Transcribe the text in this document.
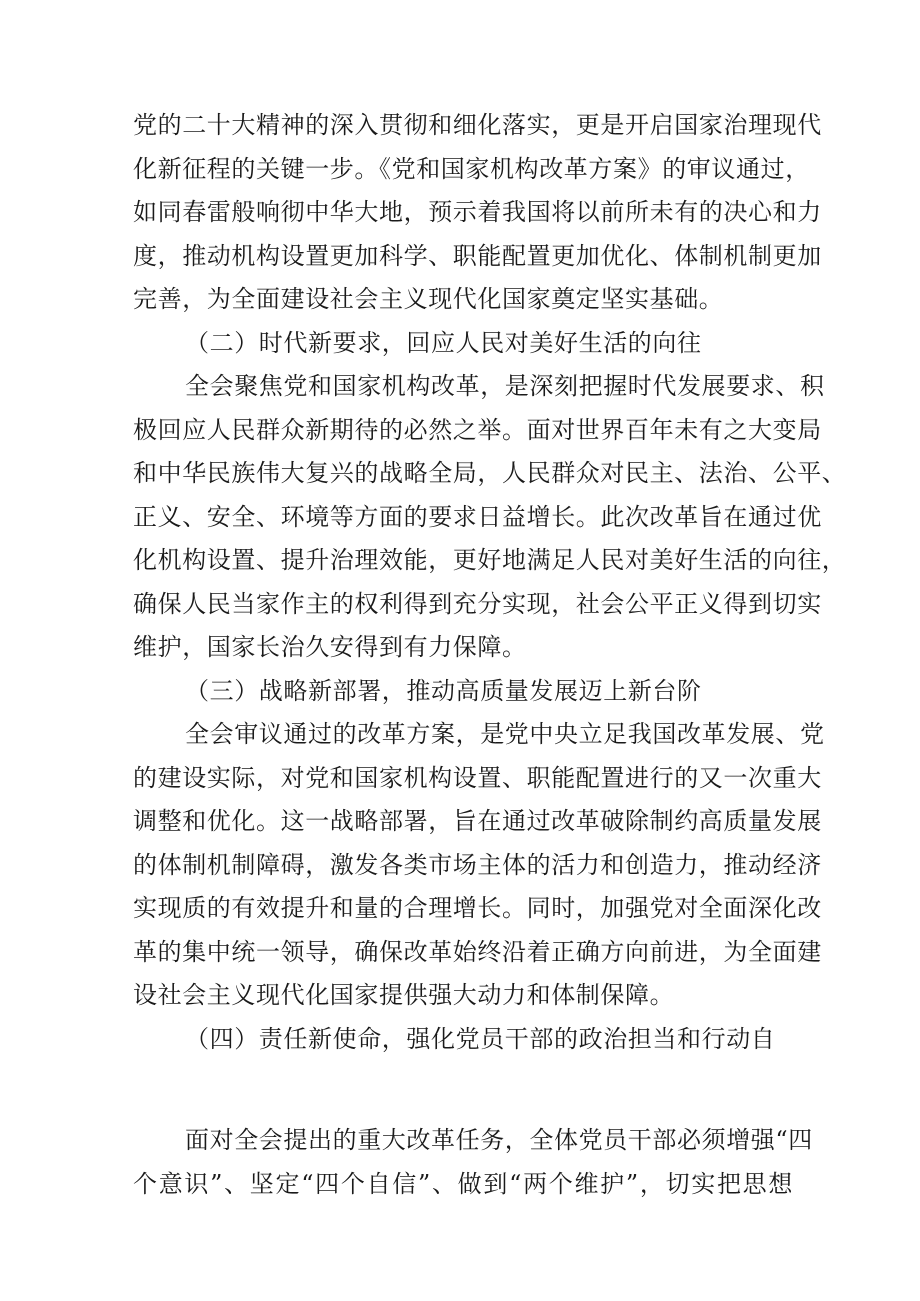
党的二十大精神的深入贯彻和细化落实，更是开启国家治理现代
化新征程的关键一步。《党和国家机构改革方案》的审议通过，
如同春雷般响彻中华大地，预示着我国将以前所未有的决心和力
度，推动机构设置更加科学、职能配置更加优化、体制机制更加
完善，为全面建设社会主义现代化国家奠定坚实基础。
（二）时代新要求，回应人民对美好生活的向往
全会聚焦党和国家机构改革，是深刻把握时代发展要求、积
极回应人民群众新期待的必然之举。面对世界百年未有之大变局
和中华民族伟大复兴的战略全局，人民群众对民主、法治、公平、
正义、安全、环境等方面的要求日益增长。此次改革旨在通过优
化机构设置、提升治理效能，更好地满足人民对美好生活的向往，
确保人民当家作主的权利得到充分实现，社会公平正义得到切实
维护，国家长治久安得到有力保障。
（三）战略新部署，推动高质量发展迈上新台阶
全会审议通过的改革方案，是党中央立足我国改革发展、党
的建设实际，对党和国家机构设置、职能配置进行的又一次重大
调整和优化。这一战略部署，旨在通过改革破除制约高质量发展
的体制机制障碍，激发各类市场主体的活力和创造力，推动经济
实现质的有效提升和量的合理增长。同时，加强党对全面深化改
革的集中统一领导，确保改革始终沿着正确方向前进，为全面建
设社会主义现代化国家提供强大动力和体制保障。
（四）责任新使命，强化党员干部的政治担当和行动自
面对全会提出的重大改革任务，全体党员干部必须增强“四
个意识”、坚定“四个自信”、做到“两个维护”，切实把思想
